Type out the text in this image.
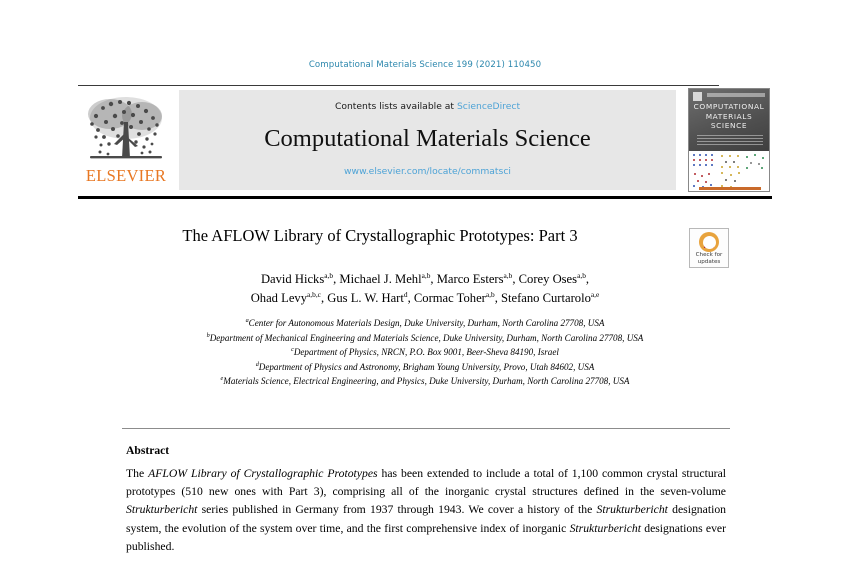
Computational Materials Science 199 (2021) 110450
ELSEVIER
Contents lists available at ScienceDirect
Computational Materials Science
www.elsevier.com/locate/commatsci
COMPUTATIONAL
MATERIALS
SCIENCE
The AFLOW Library of Crystallographic Prototypes: Part 3
Check for
updates
David Hicks$^{a,b}$, Michael J. Mehl$^{a,b}$, Marco Esters$^{a,b}$, Corey Oses$^{a,b}$,
Ohad Levy$^{a,b,c}$, Gus L. W. Hart$^d$, Cormac Toher$^{a,b}$, Stefano Curtarolo$^{a,e}$
$^a$Center for Autonomous Materials Design, Duke University, Durham, North Carolina 27708, USA
$^b$Department of Mechanical Engineering and Materials Science, Duke University, Durham, North Carolina 27708, USA
$^c$Department of Physics, NRCN, P.O. Box 9001, Beer-Sheva 84190, Israel
$^d$Department of Physics and Astronomy, Brigham Young University, Provo, Utah 84602, USA
$^e$Materials Science, Electrical Engineering, and Physics, Duke University, Durham, North Carolina 27708, USA
Abstract
The AFLOW Library of Crystallographic Prototypes has been extended to include a total of 1,100 common crystal structural prototypes (510 new ones with Part 3), comprising all of the inorganic crystal structures defined in the seven-volume Strukturbericht series published in Germany from 1937 through 1943. We cover a history of the Strukturbericht designation system, the evolution of the system over time, and the first comprehensive index of inorganic Strukturbericht designations ever published.
